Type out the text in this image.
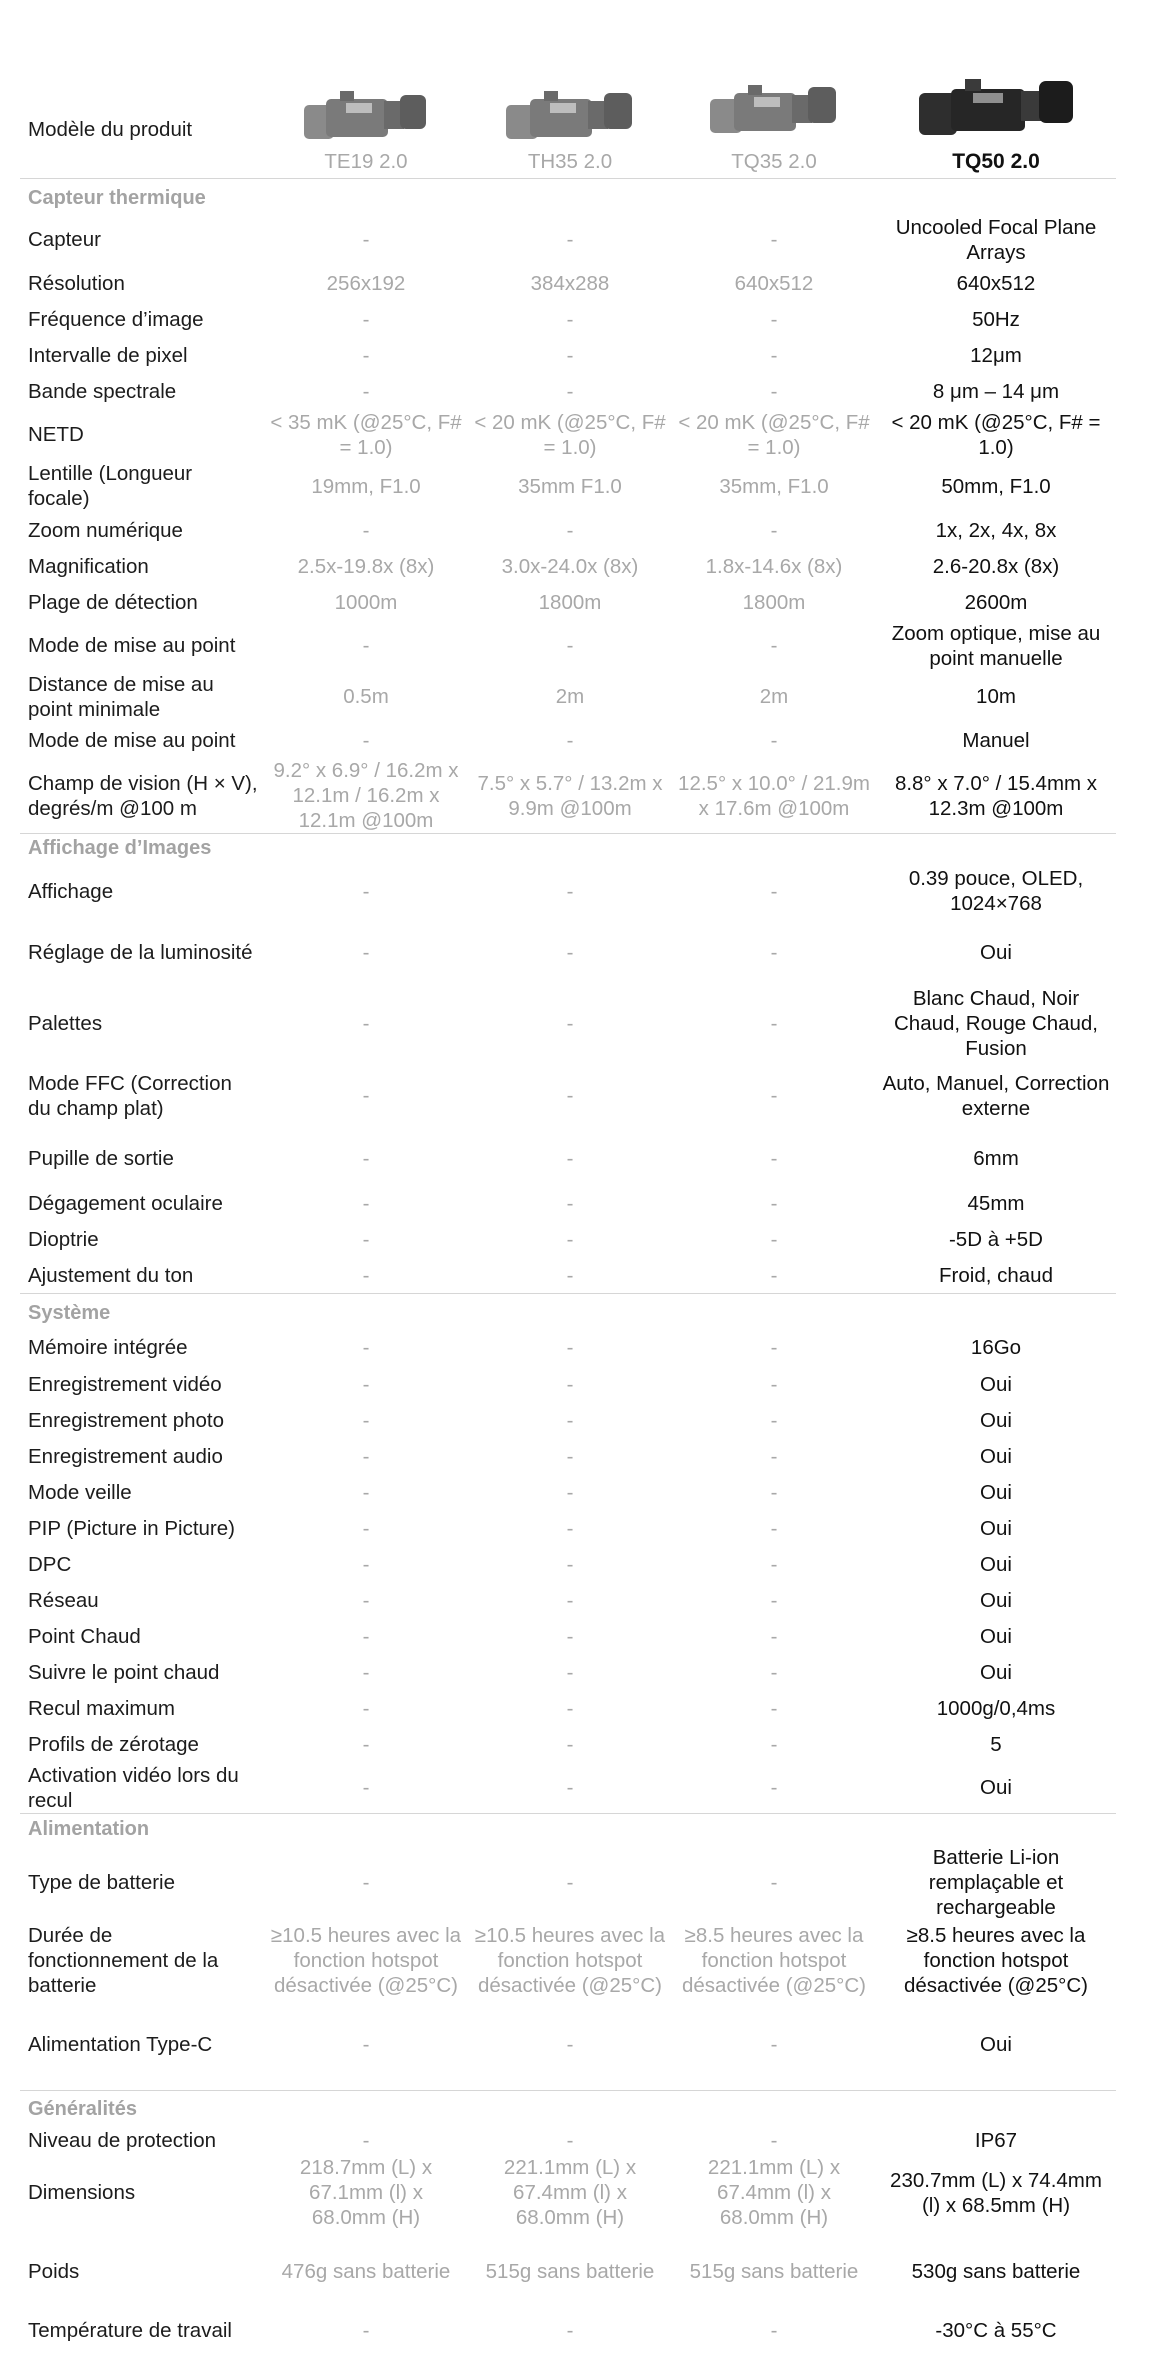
Modèle du produit	TE19 2.0	TH35 2.0	TQ35 2.0	TQ50 2.0

Capteur thermique				
Capteur	-	-	-	Uncooled Focal Plane Arrays
Résolution	256x192	384x288	640x512	640x512
Fréquence d’image	-	-	-	50Hz
Intervalle de pixel	-	-	-	12μm
Bande spectrale	-	-	-	8 μm – 14 μm
NETD	< 35 mK (@25°C, F# = 1.0)	< 20 mK (@25°C, F# = 1.0)	< 20 mK (@25°C, F# = 1.0)	< 20 mK (@25°C, F# = 1.0)
Lentille (Longueur focale)	19mm, F1.0	35mm F1.0	35mm, F1.0	50mm, F1.0
Zoom numérique	-	-	-	1x, 2x, 4x, 8x
Magnification	2.5x-19.8x (8x)	3.0x-24.0x (8x)	1.8x-14.6x (8x)	2.6-20.8x (8x)
Plage de détection	1000m	1800m	1800m	2600m
Mode de mise au point	-	-	-	Zoom optique, mise au point manuelle
Distance de mise au point minimale	0.5m	2m	2m	10m
Mode de mise au point	-	-	-	Manuel
Champ de vision (H × V), degrés/m @100 m	9.2° x 6.9° / 16.2m x 12.1m / 16.2m x 12.1m @100m	7.5° x 5.7° / 13.2m x 9.9m @100m	12.5° x 10.0° / 21.9m x 17.6m @100m	8.8° x 7.0° / 15.4mm x 12.3m @100m
Affichage d’Images				
Affichage	-	-	-	0.39 pouce, OLED, 1024×768
Réglage de la luminosité	-	-	-	Oui
Palettes	-	-	-	Blanc Chaud, Noir Chaud, Rouge Chaud, Fusion
Mode FFC (Correction du champ plat)	-	-	-	Auto, Manuel, Correction externe
Pupille de sortie	-	-	-	6mm
Dégagement oculaire	-	-	-	45mm
Dioptrie	-	-	-	-5D à +5D
Ajustement du ton	-	-	-	Froid, chaud
Système				
Mémoire intégrée	-	-	-	16Go
Enregistrement vidéo	-	-	-	Oui
Enregistrement photo	-	-	-	Oui
Enregistrement audio	-	-	-	Oui
Mode veille	-	-	-	Oui
PIP (Picture in Picture)	-	-	-	Oui
DPC	-	-	-	Oui
Réseau	-	-	-	Oui
Point Chaud	-	-	-	Oui
Suivre le point chaud	-	-	-	Oui
Recul maximum	-	-	-	1000g/0,4ms
Profils de zérotage	-	-	-	5
Activation vidéo lors du recul	-	-	-	Oui
Alimentation				
Type de batterie	-	-	-	Batterie Li-ion remplaçable et rechargeable
Durée de fonctionnement de la batterie	≥10.5 heures avec la fonction hotspot désactivée (@25°C)	≥10.5 heures avec la fonction hotspot désactivée (@25°C)	≥8.5 heures avec la fonction hotspot désactivée (@25°C)	≥8.5 heures avec la fonction hotspot désactivée (@25°C)
Alimentation Type-C	-	-	-	Oui
Généralités				
Niveau de protection	-	-	-	IP67
Dimensions	218.7mm (L) x 67.1mm (l) x 68.0mm (H)	221.1mm (L) x 67.4mm (l) x 68.0mm (H)	221.1mm (L) x 67.4mm (l) x 68.0mm (H)	230.7mm (L) x 74.4mm (l) x 68.5mm (H)
Poids	476g sans batterie	515g sans batterie	515g sans batterie	530g sans batterie
Température de travail	-	-	-	-30°C à 55°C
